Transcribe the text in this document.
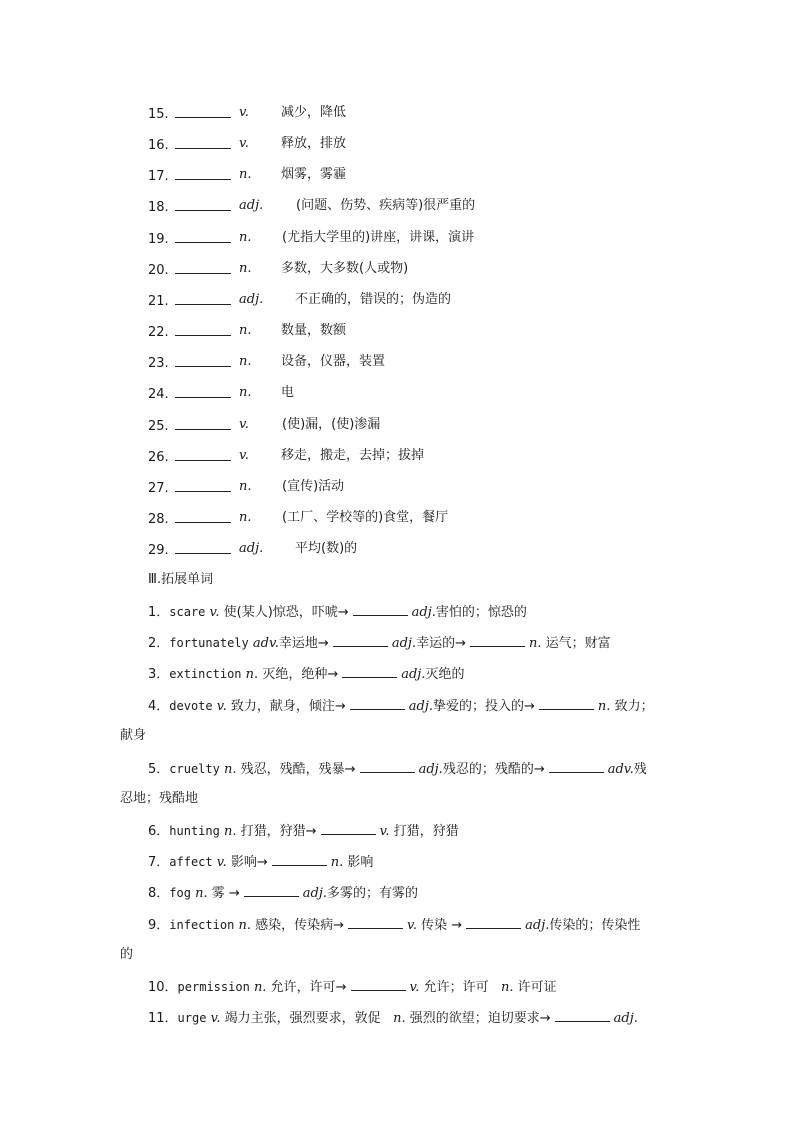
15.	v. 减少，降低
16.	v. 释放，排放
17.	n. 烟雾，雾霾
18.	adj.	(问题、伤势、疾病等)很严重的
19.	n. (尤指大学里的)讲座，讲课，演讲
20.	n. 多数，大多数(人或物)
21.	adj. 不正确的，错误的；伪造的
22.	n. 数量，数额
23.	n. 设备，仪器，装置
24.	n. 电
25.	v.	(使)漏，(使)渗漏
26.	v. 移走，搬走，去掉；拔掉
27.	n. (宣传)活动
28.	n. (工厂、学校等的)食堂，餐厅
29.	adj. 平均(数)的
Ⅲ.拓展单词
1．scare v. 使(某人)惊恐，吓唬→	adj.害怕的；惊恐的
2．fortunately adv.幸运地→	adj.幸运的→	n. 运气；财富
3．extinction n. 灭绝，绝种→	adj.灭绝的
4．devote v. 致力，献身，倾注→	adj.挚爱的；投入的→	n. 致力；
献身
5．cruelty n. 残忍，残酷，残暴→	adj.残忍的；残酷的→	adv.残
忍地；残酷地
6．hunting n. 打猎，狩猎→	v. 打猎，狩猎
7．affect v. 影响→	n. 影响
8．fog n. 雾 →	adj.多雾的；有雾的
9．infection n. 感染，传染病→	v. 传染 →	adj.传染的；传染性
的
10．permission n. 允许，许可→	v. 允许；许可 n. 许可证
11．urge v. 竭力主张，强烈要求，敦促 n. 强烈的欲望；迫切要求→	adj.
